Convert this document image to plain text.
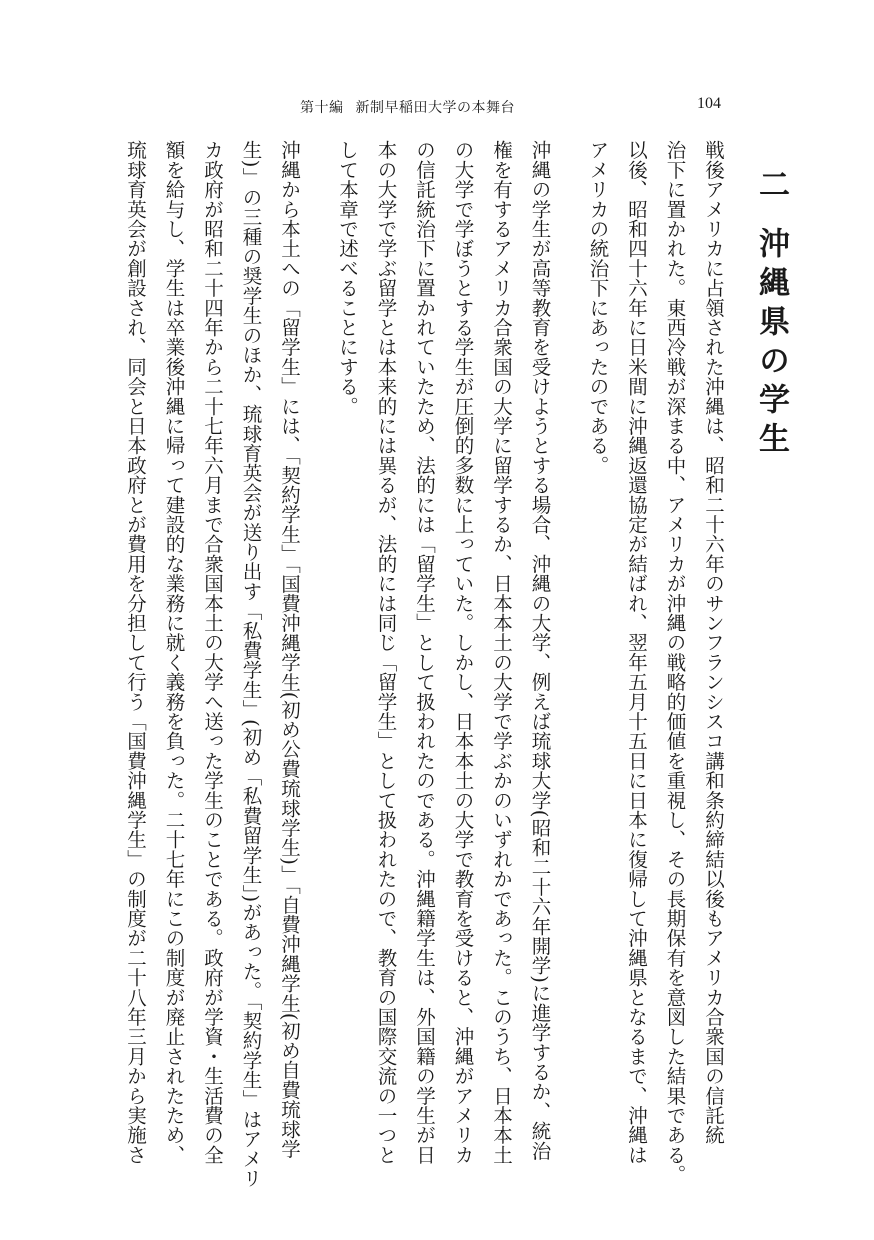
第十編 新制早稲田大学の本舞台	104
二沖縄県の学生
戦後アメリカに占領された沖縄は、昭和二十六年のサンフランシスコ講和条約締結以後もアメリカ合衆国の信託統
治下に置かれた。東西冷戦が深まる中、アメリカが沖縄の戦略的価値を重視し、その長期保有を意図した結果である。
以後、昭和四十六年に日米間に沖縄返還協定が結ばれ、翌年五月十五日に日本に復帰して沖縄県となるまで、沖縄は
アメリカの統治下にあったのである。
沖縄の学生が高等教育を受けようとする場合、沖縄の大学、例えば琉球大学(昭和二十六年開学)に進学するか、統治
権を有するアメリカ合衆国の大学に留学するか、日本本土の大学で学ぶかのいずれかであった。このうち、日本本土
の大学で学ぼうとする学生が圧倒的多数に上っていた。しかし、日本本土の大学で教育を受けると、沖縄がアメリカ
の信託統治下に置かれていたため、法的には「留学生」として扱われたのである。沖縄籍学生は、外国籍の学生が日
本の大学で学ぶ留学とは本来的には異るが、法的には同じ「留学生」として扱われたので、教育の国際交流の一つと
して本章で述べることにする。
沖縄から本土への「留学生」には、「契約学生」「国費沖縄学生(初め公費琉球学生)」「自費沖縄学生(初め自費琉球学
生)」の三種の奨学生のほか、琉球育英会が送り出す「私費学生」(初め「私費留学生」)があった。「契約学生」はアメリ
カ政府が昭和二十四年から二十七年六月まで合衆国本土の大学へ送った学生のことである。政府が学資・生活費の全
額を給与し、学生は卒業後沖縄に帰って建設的な業務に就く義務を負った。二十七年にこの制度が廃止されたため、
琉球育英会が創設され、同会と日本政府とが費用を分担して行う「国費沖縄学生」の制度が二十八年三月から実施さ
